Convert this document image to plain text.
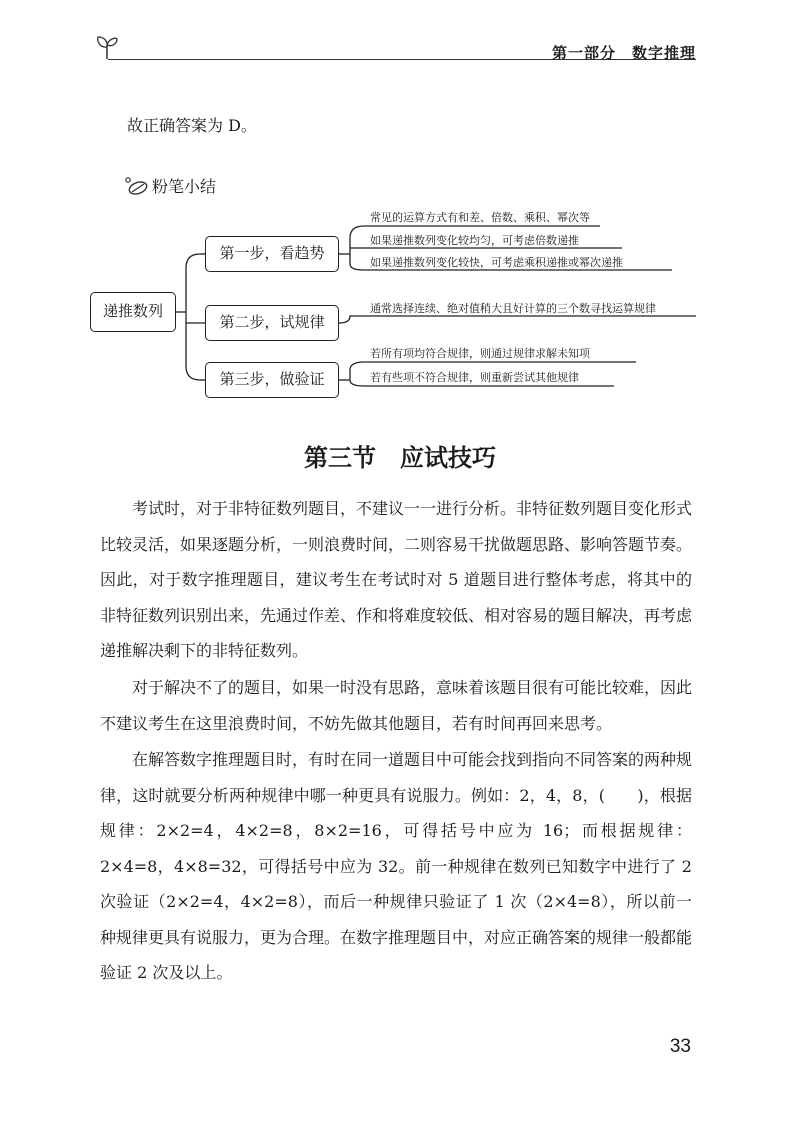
第一部分　数字推理
故正确答案为 D。
粉笔小结
递推数列
第一步，看趋势
第二步，试规律
第三步，做验证
常见的运算方式有和差、倍数、乘积、幂次等
如果递推数列变化较均匀，可考虑倍数递推
如果递推数列变化较快，可考虑乘积递推或幂次递推
通常选择连续、绝对值稍大且好计算的三个数寻找运算规律
若所有项均符合规律，则通过规律求解未知项
若有些项不符合规律，则重新尝试其他规律
第三节　应试技巧

考试时，对于非特征数列题目，不建议一一进行分析。非特征数列题目变化形式比较灵活，如果逐题分析，一则浪费时间，二则容易干扰做题思路、影响答题节奏。因此，对于数字推理题目，建议考生在考试时对 5 道题目进行整体考虑，将其中的非特征数列识别出来，先通过作差、作和将难度较低、相对容易的题目解决，再考虑递推解决剩下的非特征数列。

对于解决不了的题目，如果一时没有思路，意味着该题目很有可能比较难，因此不建议考生在这里浪费时间，不妨先做其他题目，若有时间再回来思考。

在解答数字推理题目时，有时在同一道题目中可能会找到指向不同答案的两种规律，这时就要分析两种规律中哪一种更具有说服力。例如：2，4，8，(　　)，根据规律：2×2=4，4×2=8，8×2=16，可得括号中应为 16；而根据规律：2×4=8，4×8=32，可得括号中应为 32。前一种规律在数列已知数字中进行了 2 次验证（2×2=4，4×2=8），而后一种规律只验证了 1 次（2×4=8），所以前一种规律更具有说服力，更为合理。在数字推理题目中，对应正确答案的规律一般都能验证 2 次及以上。

33
